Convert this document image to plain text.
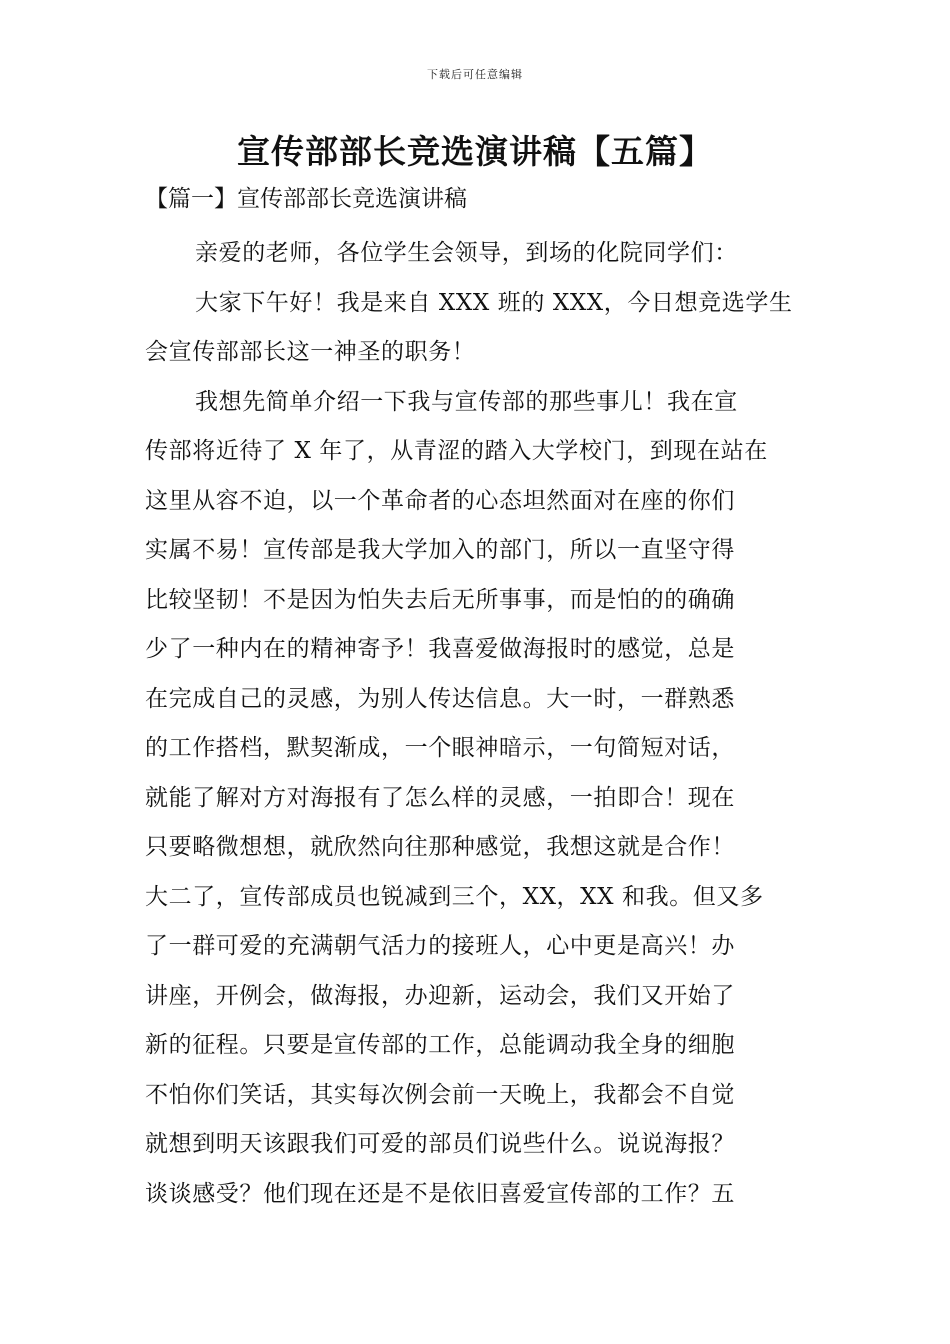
下载后可任意编辑
宣传部部长竞选演讲稿【五篇】
【篇一】宣传部部长竞选演讲稿
亲爱的老师，各位学生会领导，到场的化院同学们：
大家下午好！我是来自 XXX 班的 XXX，今日想竞选学生
会宣传部部长这一神圣的职务！
我想先简单介绍一下我与宣传部的那些事儿！我在宣
传部将近待了 X 年了，从青涩的踏入大学校门，到现在站在
这里从容不迫，以一个革命者的心态坦然面对在座的你们
实属不易！宣传部是我大学加入的部门，所以一直坚守得
比较坚韧！不是因为怕失去后无所事事，而是怕的的确确
少了一种内在的精神寄予！我喜爱做海报时的感觉，总是
在完成自己的灵感，为别人传达信息。大一时，一群熟悉
的工作搭档，默契渐成，一个眼神暗示，一句简短对话，
就能了解对方对海报有了怎么样的灵感，一拍即合！现在
只要略微想想，就欣然向往那种感觉，我想这就是合作！
大二了，宣传部成员也锐减到三个，XX，XX 和我。但又多
了一群可爱的充满朝气活力的接班人，心中更是高兴！办
讲座，开例会，做海报，办迎新，运动会，我们又开始了
新的征程。只要是宣传部的工作，总能调动我全身的细胞
不怕你们笑话，其实每次例会前一天晚上，我都会不自觉
就想到明天该跟我们可爱的部员们说些什么。说说海报？
谈谈感受？他们现在还是不是依旧喜爱宣传部的工作？五
